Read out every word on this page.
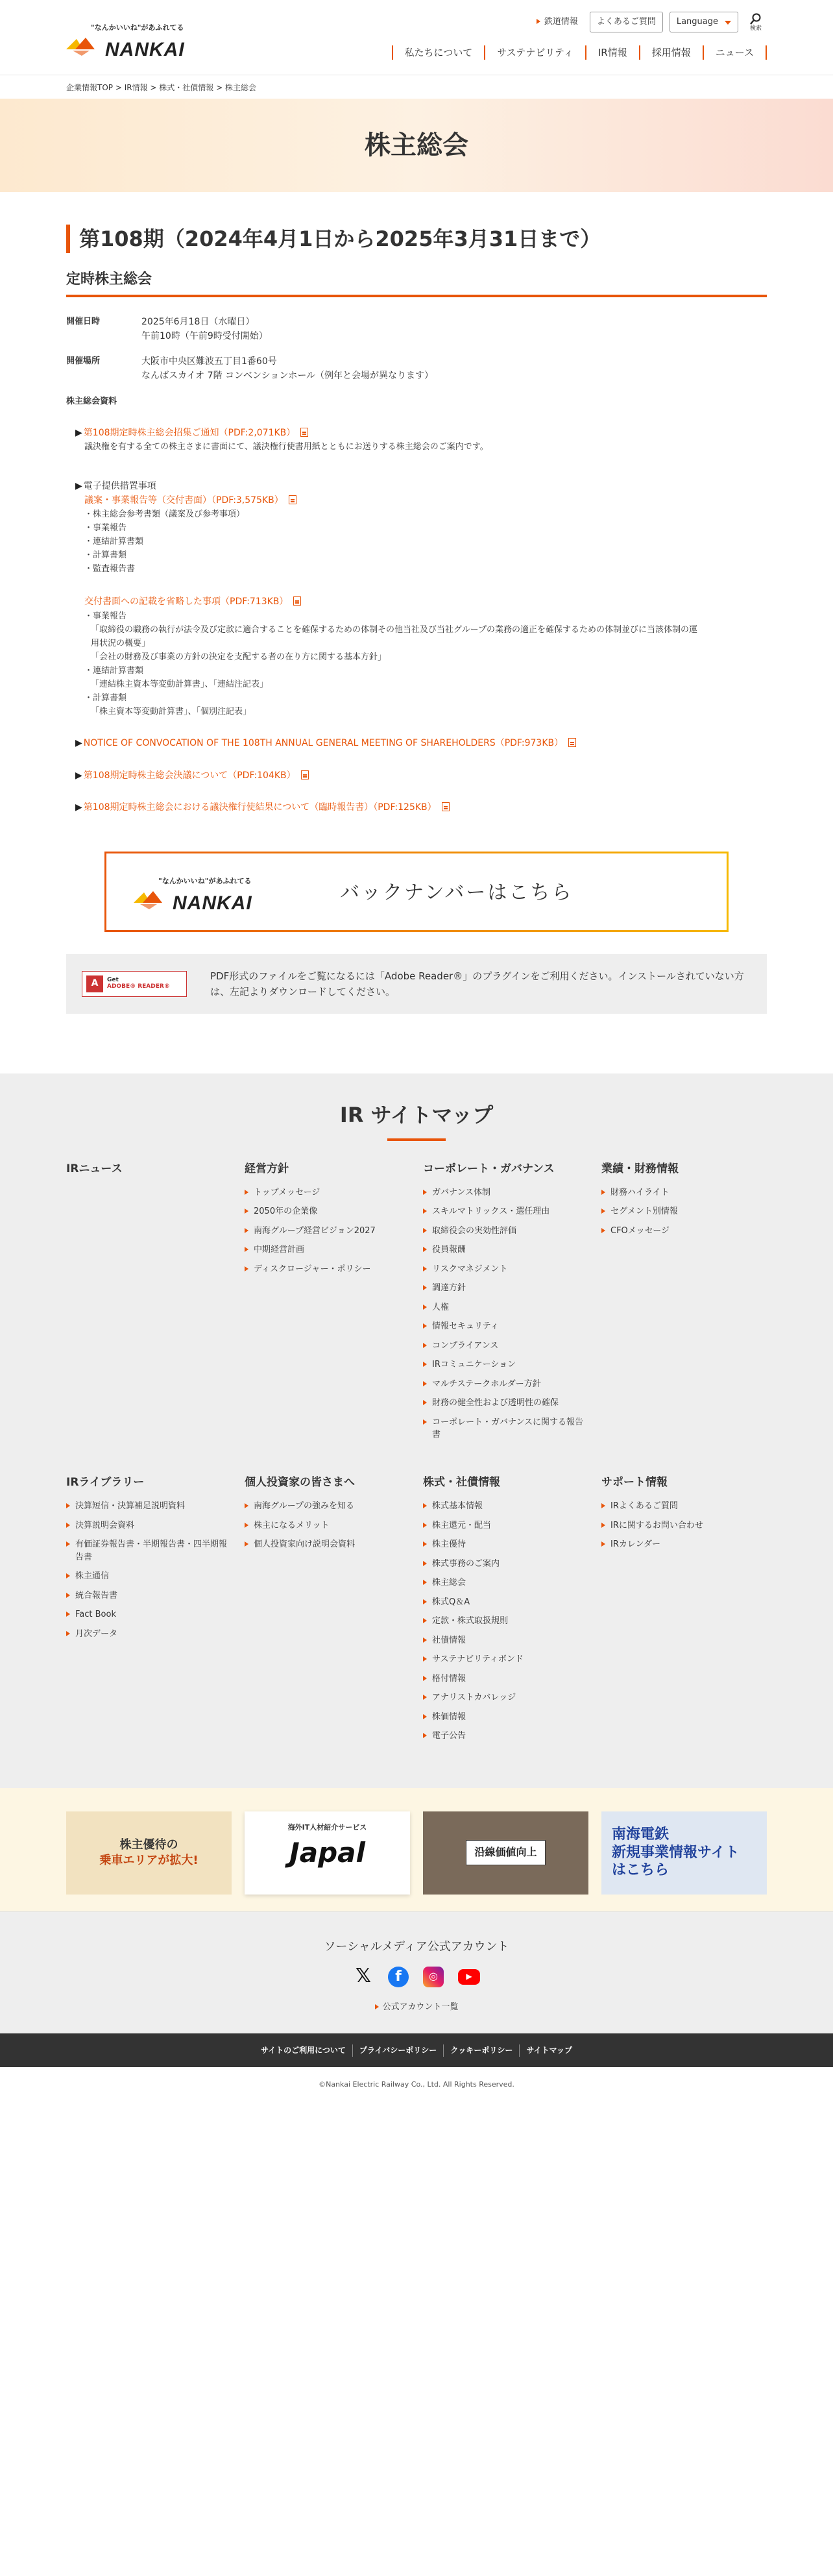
"なんかいいね"があふれてる
NANKAI
鉄道情報	よくあるご質問	Language
検索
私たちについて	サステナビリティ	IR情報	採用情報	ニュース
企業情報TOP > IR情報 > 株式・社債情報 > 株主総会
株主総会
第108期（2024年4月1日から2025年3月31日まで）
定時株主総会
開催日時	2025年6月18日（水曜日）
午前10時（午前9時受付開始）
開催場所	大阪市中央区難波五丁目1番60号
なんばスカイオ 7階 コンベンションホール（例年と会場が異なります）
株主総会資料
▶ 第108期定時株主総会招集ご通知（PDF:2,071KB）
議決権を有する全ての株主さまに書面にて、議決権行使書用紙とともにお送りする株主総会のご案内です。
▶ 電子提供措置事項
議案・事業報告等（交付書面）（PDF:3,575KB）
・株主総会参考書類（議案及び参考事項）
・事業報告
・連結計算書類
・計算書類
・監査報告書
交付書面への記載を省略した事項（PDF:713KB）
・事業報告
「取締役の職務の執行が法令及び定款に適合することを確保するための体制その他当社及び当社グループの業務の適正を確保するための体制並びに当該体制の運
用状況の概要」
「会社の財務及び事業の方針の決定を支配する者の在り方に関する基本方針」
・連結計算書類
「連結株主資本等変動計算書」、「連結注記表」
・計算書類
「株主資本等変動計算書」、「個別注記表」
▶ NOTICE OF CONVOCATION OF THE 108TH ANNUAL GENERAL MEETING OF SHAREHOLDERS（PDF:973KB）
▶ 第108期定時株主総会決議について（PDF:104KB）
▶ 第108期定時株主総会における議決権行使結果について（臨時報告書）（PDF:125KB）
"なんかいいね"があふれてる
NANKAI	バックナンバーはこちら
A	Get
ADOBE® READER®

PDF形式のファイルをご覧になるには「Adobe Reader®」のプラグインをご利用ください。インストールされていない方は、左記よりダウンロードしてください。

IR サイトマップ
IRニュース	経営方針
トップメッセージ
2050年の企業像
南海グループ経営ビジョン2027
中期経営計画
ディスクロージャー・ポリシー
コーポレート・ガバナンス
ガバナンス体制
スキルマトリックス・選任理由
取締役会の実効性評価
役員報酬
リスクマネジメント
調達方針
人権
情報セキュリティ
コンプライアンス
IRコミュニケーション
マルチステークホルダー方針
財務の健全性および透明性の確保
コーポレート・ガバナンスに関する報告書
業績・財務情報
財務ハイライト
セグメント別情報
CFOメッセージ
IRライブラリー
決算短信・決算補足説明資料
決算説明会資料
有価証券報告書・半期報告書・四半期報告書
株主通信
統合報告書
Fact Book
月次データ
個人投資家の皆さまへ
南海グループの強みを知る
株主になるメリット
個人投資家向け説明会資料
株式・社債情報
株式基本情報
株主還元・配当
株主優待
株式事務のご案内
株主総会
株式Q＆A
定款・株式取扱規則
社債情報
サステナビリティボンド
格付情報
アナリストカバレッジ
株価情報
電子公告
サポート情報
IRよくあるご質問
IRに関するお問い合わせ
IRカレンダー
株主優待の
乗車エリアが拡大!
海外IT人材紹介サービス
Japal	沿線価値向上
南海電鉄
新規事業情報サイト
はこちら
ソーシャルメディア公式アカウント
𝕏	f	◎	▶
公式アカウント一覧
サイトのご利用について	プライバシーポリシー	クッキーポリシー	サイトマップ
©Nankai Electric Railway Co., Ltd. All Rights Reserved.
